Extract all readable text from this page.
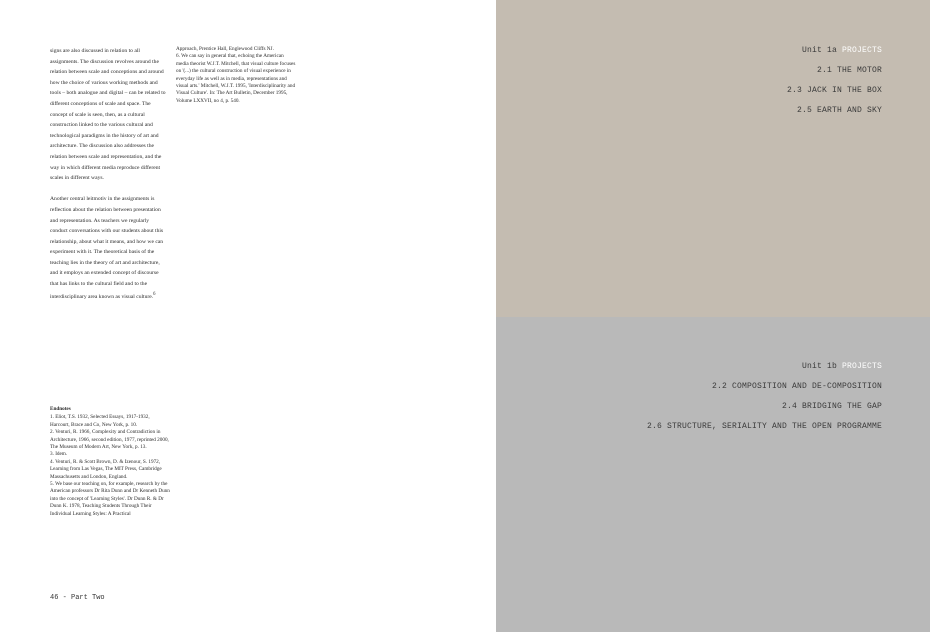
signs are also discussed in relation to all assignments. The discussion revolves around the relation between scale and conceptions and around how the choice of various working methods and tools – both analogue and digital – can be related to different conceptions of scale and space. The concept of scale is seen, then, as a cultural construction linked to the various cultural and technological paradigms in the history of art and architecture. The discussion also addresses the relation between scale and representation, and the way in which different media reproduce different scales in different ways.

Another central leitmotiv in the assignments is reflection about the relation between presentation and representation. As teachers we regularly conduct conversations with our students about this relationship, about what it means, and how we can experiment with it. The theoretical basis of the teaching lies in the theory of art and architecture, and it employs an extended concept of discourse that has links to the cultural field and to the interdisciplinary area known as visual culture.$^6$

Approach, Prentice Hall, Englewood Cliffs NJ.

6. We can say in general that, echoing the American media theorist W.J.T. Mitchell, that visual culture focuses on '(...) the cultural construction of visual experience in everyday life as well as in media, representations and visual arts.' Mitchell, W.J.T. 1995, 'Interdisciplinarity and Visual Culture'. In: The Art Bulletin, December 1995, Volume LXXVII, no 4, p. 540.

Endnotes

1. Eliot, T.S. 1932, Selected Essays, 1917-1932, Harcourt, Brace and Co, New York, p. 10.

2. Venturi, R. 1966, Complexity and Contradiction in Architecture, 1966, second edition, 1977, reprinted 2000, The Museum of Modern Art, New York, p. 13.

3. Idem.

4. Venturi, R. & Scott Brown, D. & Izenour, S. 1972, Learning from Las Vegas, The MIT Press, Cambridge Massachusetts and London, England.

5. We base our teaching on, for example, research by the American professors Dr Rita Dunn and Dr Kenneth Dunn into the concept of 'Learning Styles'. Dr Dunn R. & Dr Dunn K. 1978, Teaching Students Through Their Individual Learning Styles: A Practical

46 - Part Two
Unit 1a PROJECTS
2.1 THE MOTOR
2.3 JACK IN THE BOX
2.5 EARTH AND SKY
Unit 1b PROJECTS
2.2 COMPOSITION AND DE-COMPOSITION
2.4 BRIDGING THE GAP
2.6 STRUCTURE, SERIALITY AND THE OPEN PROGRAMME
